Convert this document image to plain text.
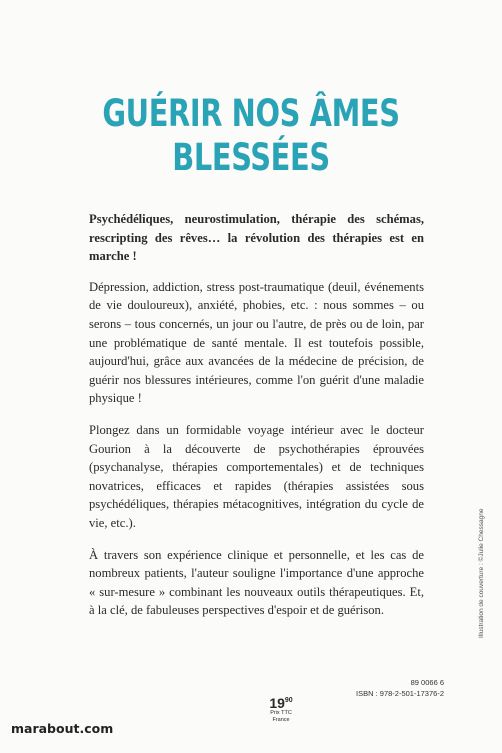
GUÉRIR NOS ÂMES
BLESSÉES

Psychédéliques, neurostimulation, thérapie des schémas, rescripting des rêves… la révolution des thérapies est en marche !

Dépression, addiction, stress post-traumatique (deuil, événements de vie douloureux), anxiété, phobies, etc. : nous sommes – ou serons – tous concernés, un jour ou l'autre, de près ou de loin, par une problématique de santé mentale. Il est toutefois possible, aujourd'hui, grâce aux avancées de la médecine de précision, de guérir nos blessures intérieures, comme l'on guérit d'une maladie physique !

Plongez dans un formidable voyage intérieur avec le docteur Gourion à la découverte de psychothérapies éprouvées (psychanalyse, thérapies comportementales) et de techniques novatrices, efficaces et rapides (thérapies assistées sous psychédéliques, thérapies métacognitives, intégration du cycle de vie, etc.).

À travers son expérience clinique et personnelle, et les cas de nombreux patients, l'auteur souligne l'importance d'une approche « sur-mesure » combinant les nouveaux outils thérapeutiques. Et, à la clé, de fabuleuses perspectives d'espoir et de guérison.	Illustration de couverture : ©Julie Chessagne
89 0066 6
ISBN : 978-2-501-17376-2
$19^{90}$
Prix TTC
France
marabout.com
